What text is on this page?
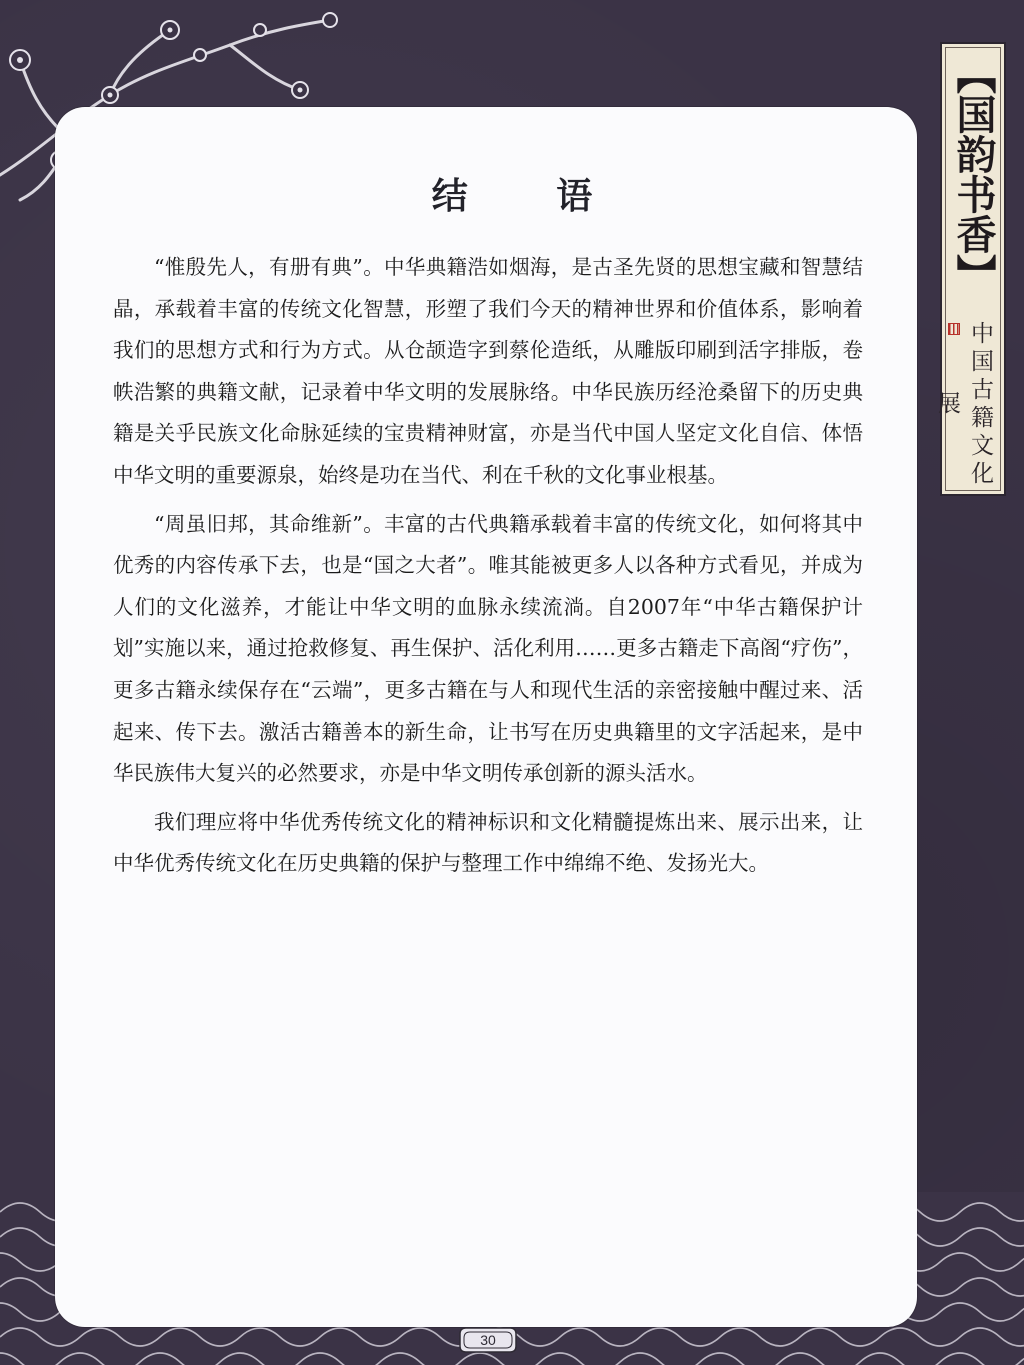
【
国
韵
书
香
】
中国古籍文化展
结 语

“惟殷先人，有册有典”。中华典籍浩如烟海，是古圣先贤的思想宝藏和智慧结晶，承载着丰富的传统文化智慧，形塑了我们今天的精神世界和价值体系，影响着我们的思想方式和行为方式。从仓颉造字到蔡伦造纸，从雕版印刷到活字排版，卷帙浩繁的典籍文献，记录着中华文明的发展脉络。中华民族历经沧桑留下的历史典籍是关乎民族文化命脉延续的宝贵精神财富，亦是当代中国人坚定文化自信、体悟中华文明的重要源泉，始终是功在当代、利在千秋的文化事业根基。

“周虽旧邦，其命维新”。丰富的古代典籍承载着丰富的传统文化，如何将其中优秀的内容传承下去，也是“国之大者”。唯其能被更多人以各种方式看见，并成为人们的文化滋养，才能让中华文明的血脉永续流淌。自2007年“中华古籍保护计划”实施以来，通过抢救修复、再生保护、活化利用……更多古籍走下高阁“疗伤”，更多古籍永续保存在“云端”，更多古籍在与人和现代生活的亲密接触中醒过来、活起来、传下去。激活古籍善本的新生命，让书写在历史典籍里的文字活起来，是中华民族伟大复兴的必然要求，亦是中华文明传承创新的源头活水。

我们理应将中华优秀传统文化的精神标识和文化精髓提炼出来、展示出来，让中华优秀传统文化在历史典籍的保护与整理工作中绵绵不绝、发扬光大。

30
